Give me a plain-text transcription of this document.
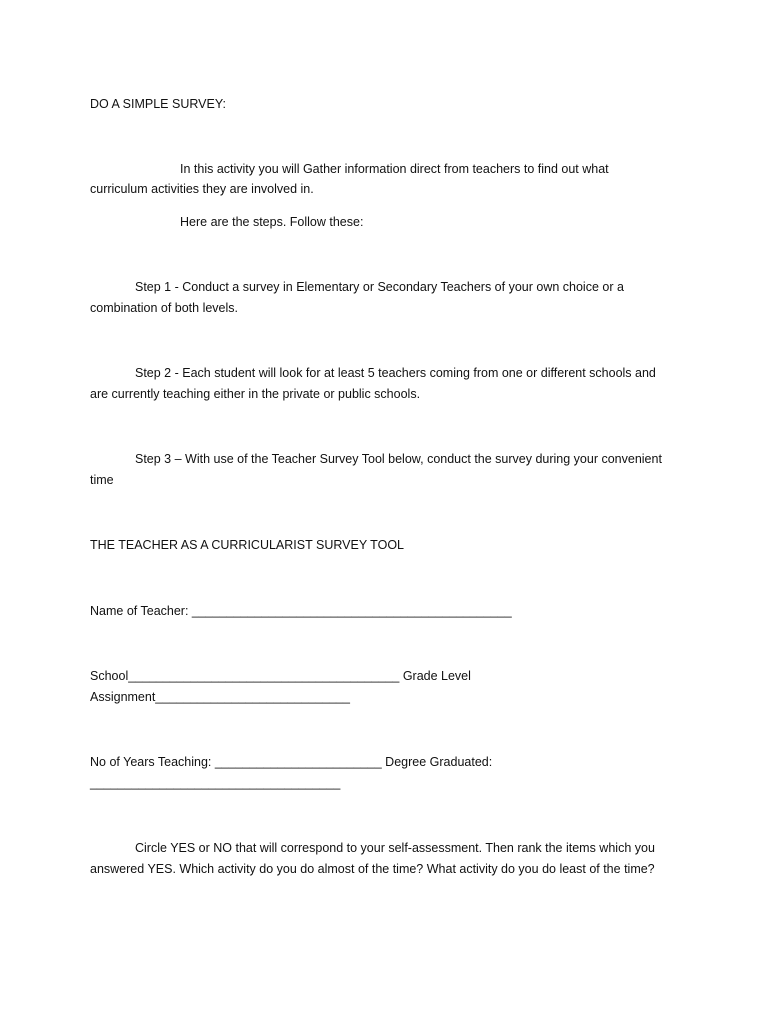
DO A SIMPLE SURVEY:
In this activity you will Gather information direct from teachers to find out what
curriculum activities they are involved in.
Here are the steps. Follow these:
Step 1 - Conduct a survey in Elementary or Secondary Teachers of your own choice or a
combination of both levels.
Step 2 - Each student will look for at least 5 teachers coming from one or different schools and
are currently teaching either in the private or public schools.
Step 3 – With use of the Teacher Survey Tool below, conduct the survey during your convenient
time
THE TEACHER AS A CURRICULARIST SURVEY TOOL
Name of Teacher: ______________________________________________
School_______________________________________ Grade Level
Assignment____________________________
No of Years Teaching: ________________________ Degree Graduated:
____________________________________
Circle YES or NO that will correspond to your self-assessment. Then rank the items which you
answered YES. Which activity do you do almost of the time? What activity do you do least of the time?
